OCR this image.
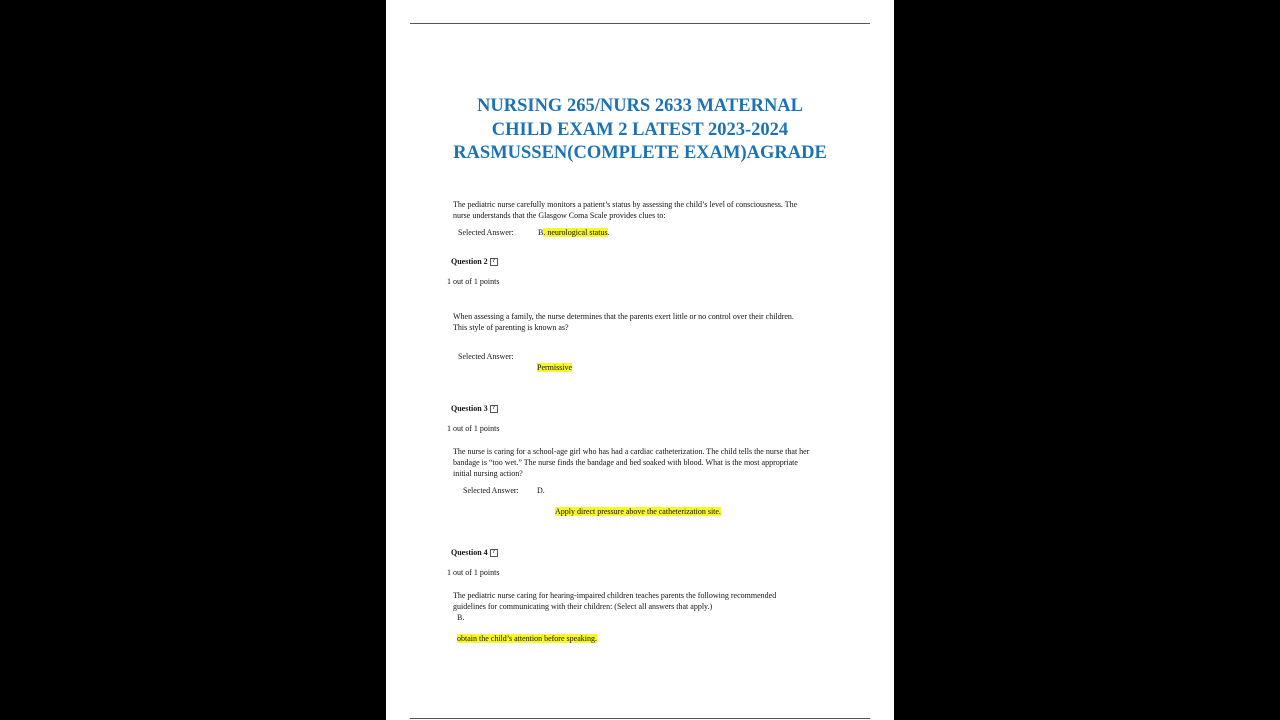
NURSING 265/NURS 2633 MATERNAL
CHILD EXAM 2 LATEST 2023-2024
RASMUSSEN(COMPLETE EXAM)AGRADE
The pediatric nurse carefully monitors a patient’s status by assessing the child’s level of consciousness. The
nurse understands that the Glasgow Coma Scale provides clues to:
Selected Answer:	B. neurological status.
Question 2 ?
1 out of 1 points
When assessing a family, the nurse determines that the parents exert little or no control over their children.
This style of parenting is known as?
Selected Answer:
Permissive
Question 3 ?
1 out of 1 points
The nurse is caring for a school-age girl who has had a cardiac catheterization. The child tells the nurse that her
bandage is “too wet.” The nurse finds the bandage and bed soaked with blood. What is the most appropriate
initial nursing action?
Selected Answer: D.
Apply direct pressure above the catheterization site.
Question 4 ?
1 out of 1 points
The pediatric nurse caring for hearing-impaired children teaches parents the following recommended
guidelines for communicating with their children: (Select all answers that apply.)
B.
obtain the child’s attention before speaking.
